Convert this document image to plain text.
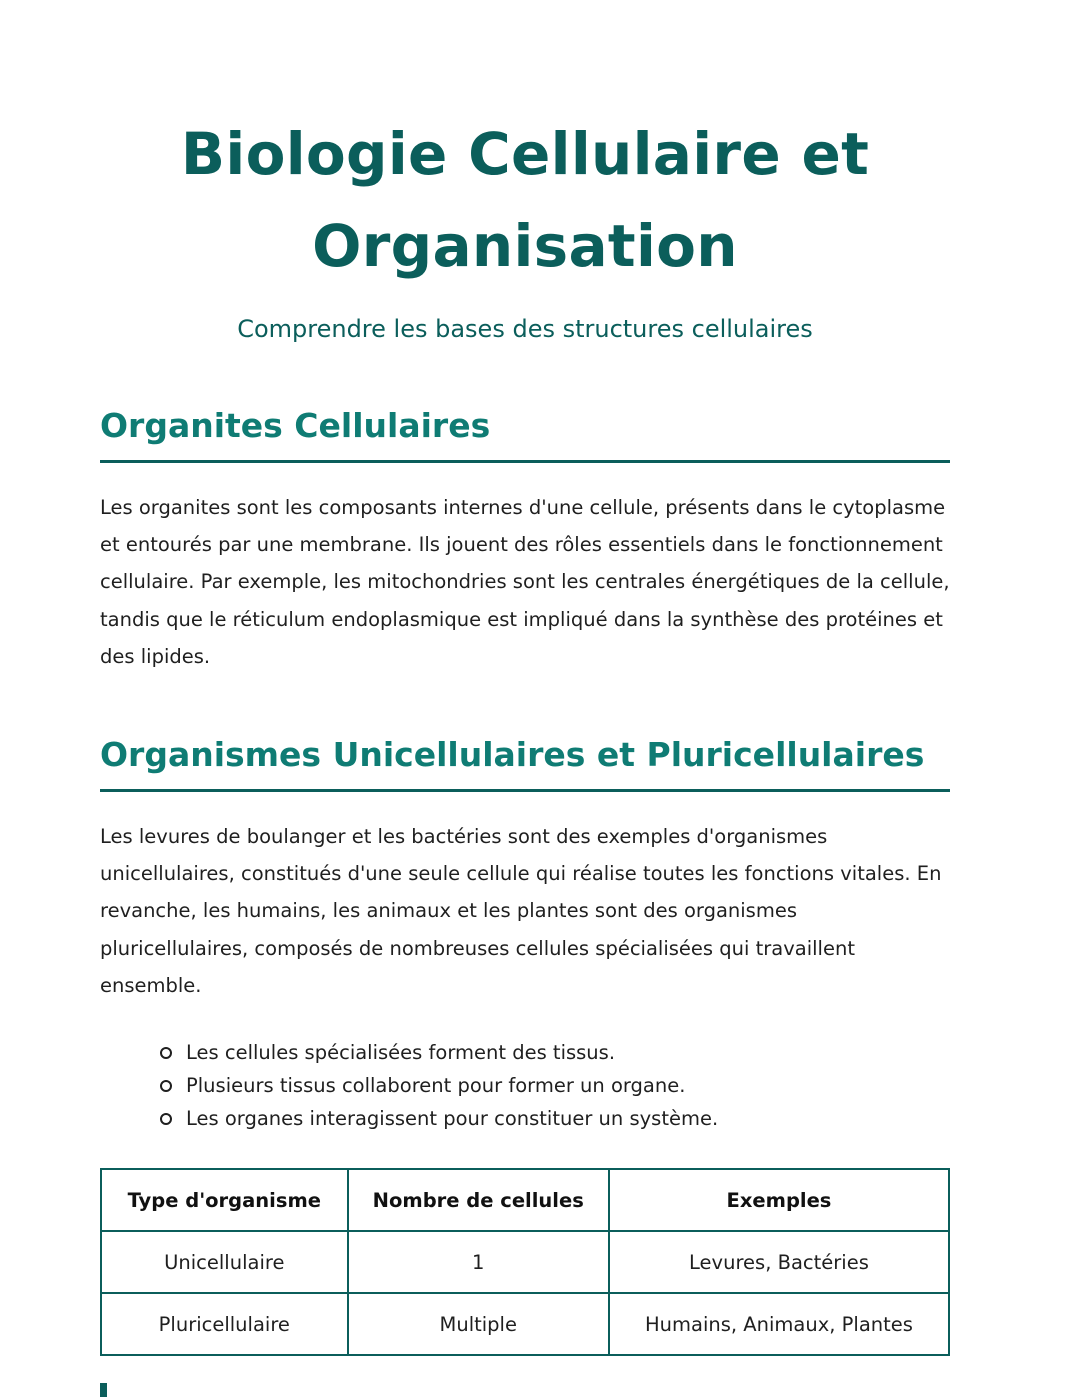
Biologie Cellulaire et Organisation

Comprendre les bases des structures cellulaires

Organites Cellulaires

Les organites sont les composants internes d'une cellule, présents dans le cytoplasme et entourés par une membrane. Ils jouent des rôles essentiels dans le fonctionnement cellulaire. Par exemple, les mitochondries sont les centrales énergétiques de la cellule, tandis que le réticulum endoplasmique est impliqué dans la synthèse des protéines et des lipides.

Organismes Unicellulaires et Pluricellulaires

Les levures de boulanger et les bactéries sont des exemples d'organismes unicellulaires, constitués d'une seule cellule qui réalise toutes les fonctions vitales. En revanche, les humains, les animaux et les plantes sont des organismes pluricellulaires, composés de nombreuses cellules spécialisées qui travaillent ensemble.

Les cellules spécialisées forment des tissus.
Plusieurs tissus collaborent pour former un organe.
Les organes interagissent pour constituer un système.
Type d'organisme	Nombre de cellules	Exemples
Unicellulaire	1	Levures, Bactéries
Pluricellulaire	Multiple	Humains, Animaux, Plantes
